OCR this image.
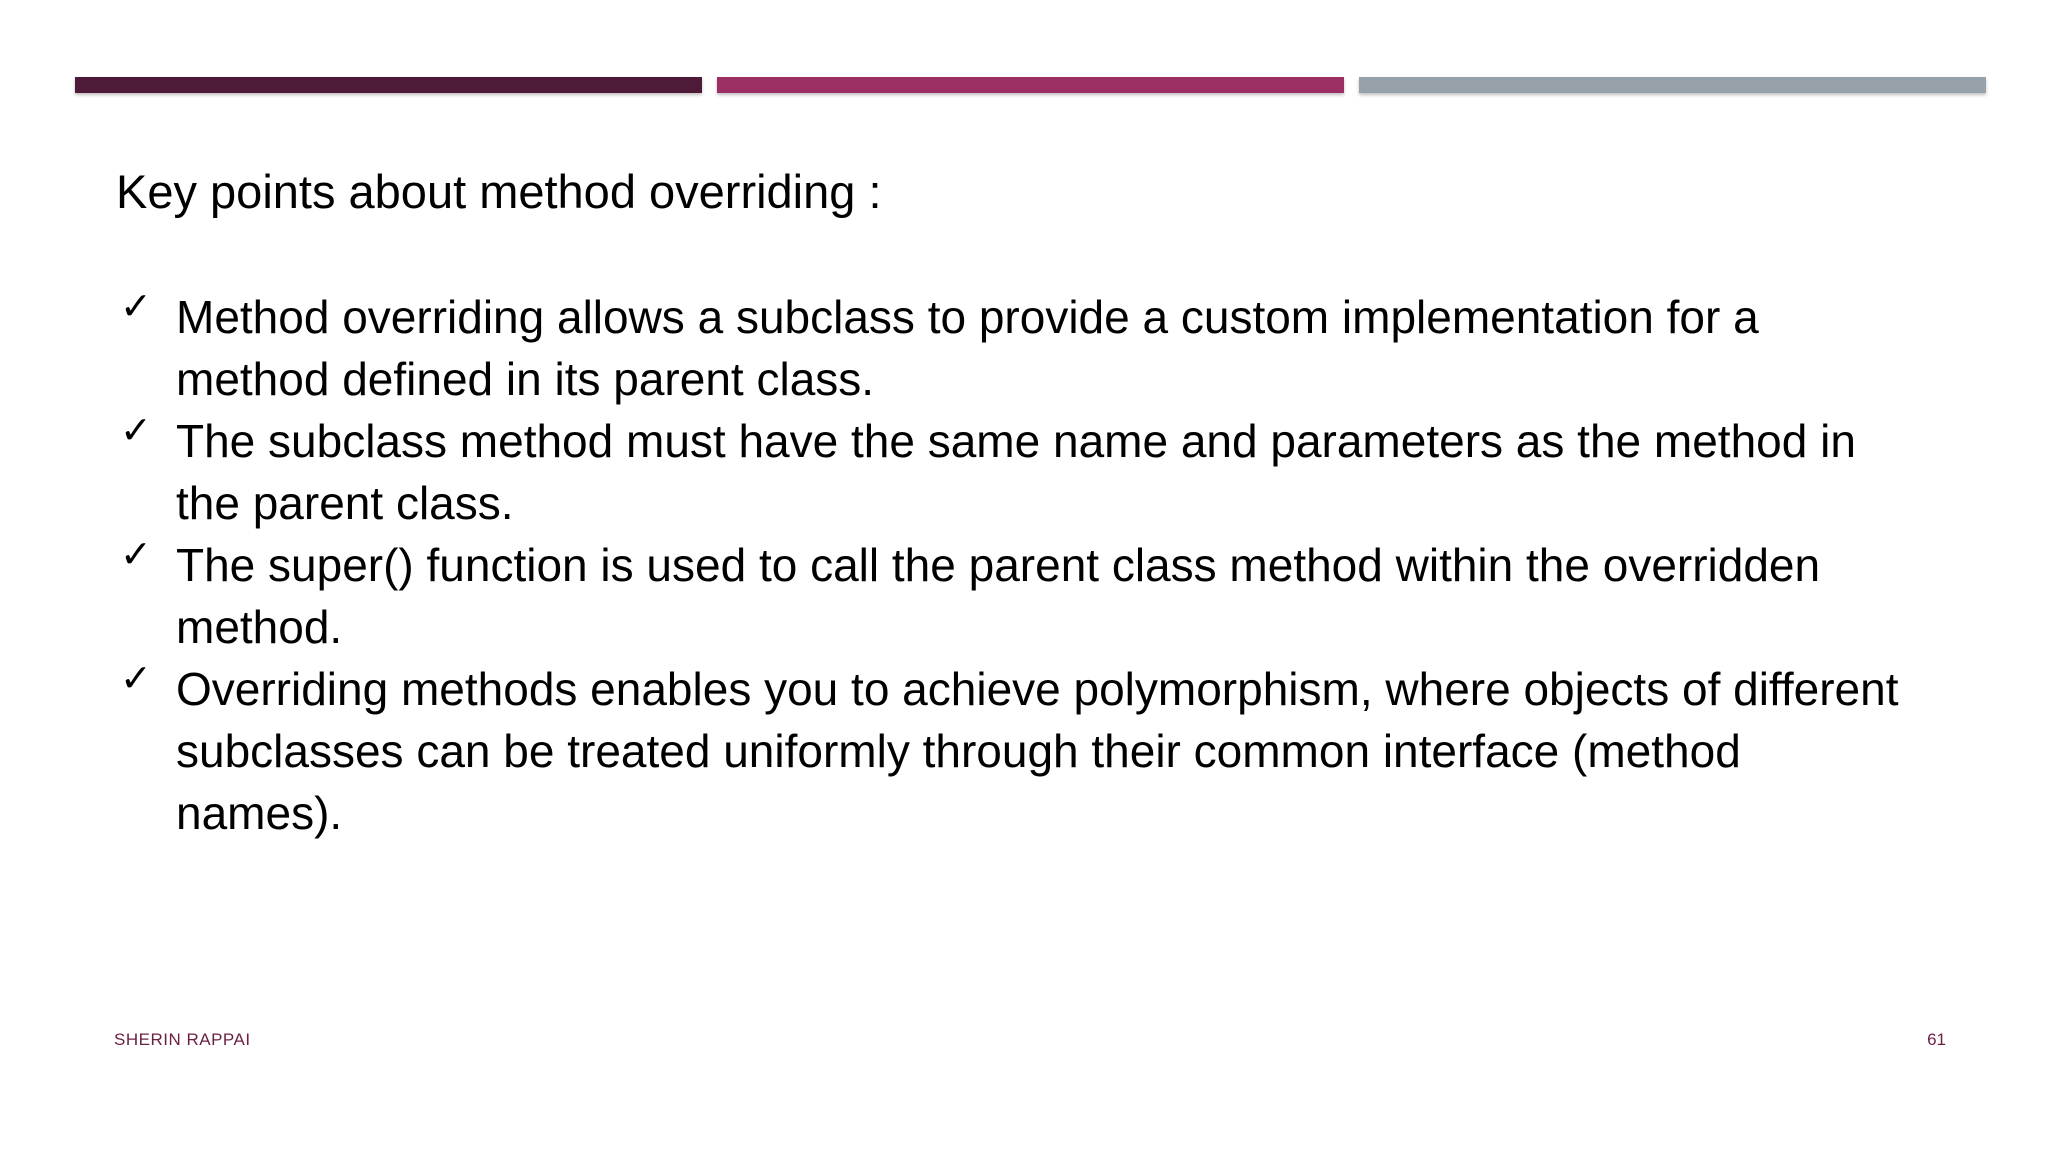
Key points about method overriding :
✓ Method overriding allows a subclass to provide a custom implementation for a method defined in its parent class.
✓ The subclass method must have the same name and parameters as the method in the parent class.
✓ The super() function is used to call the parent class method within the overridden method.
✓ Overriding methods enables you to achieve polymorphism, where objects of different subclasses can be treated uniformly through their common interface (method names).
SHERIN RAPPAI	61
